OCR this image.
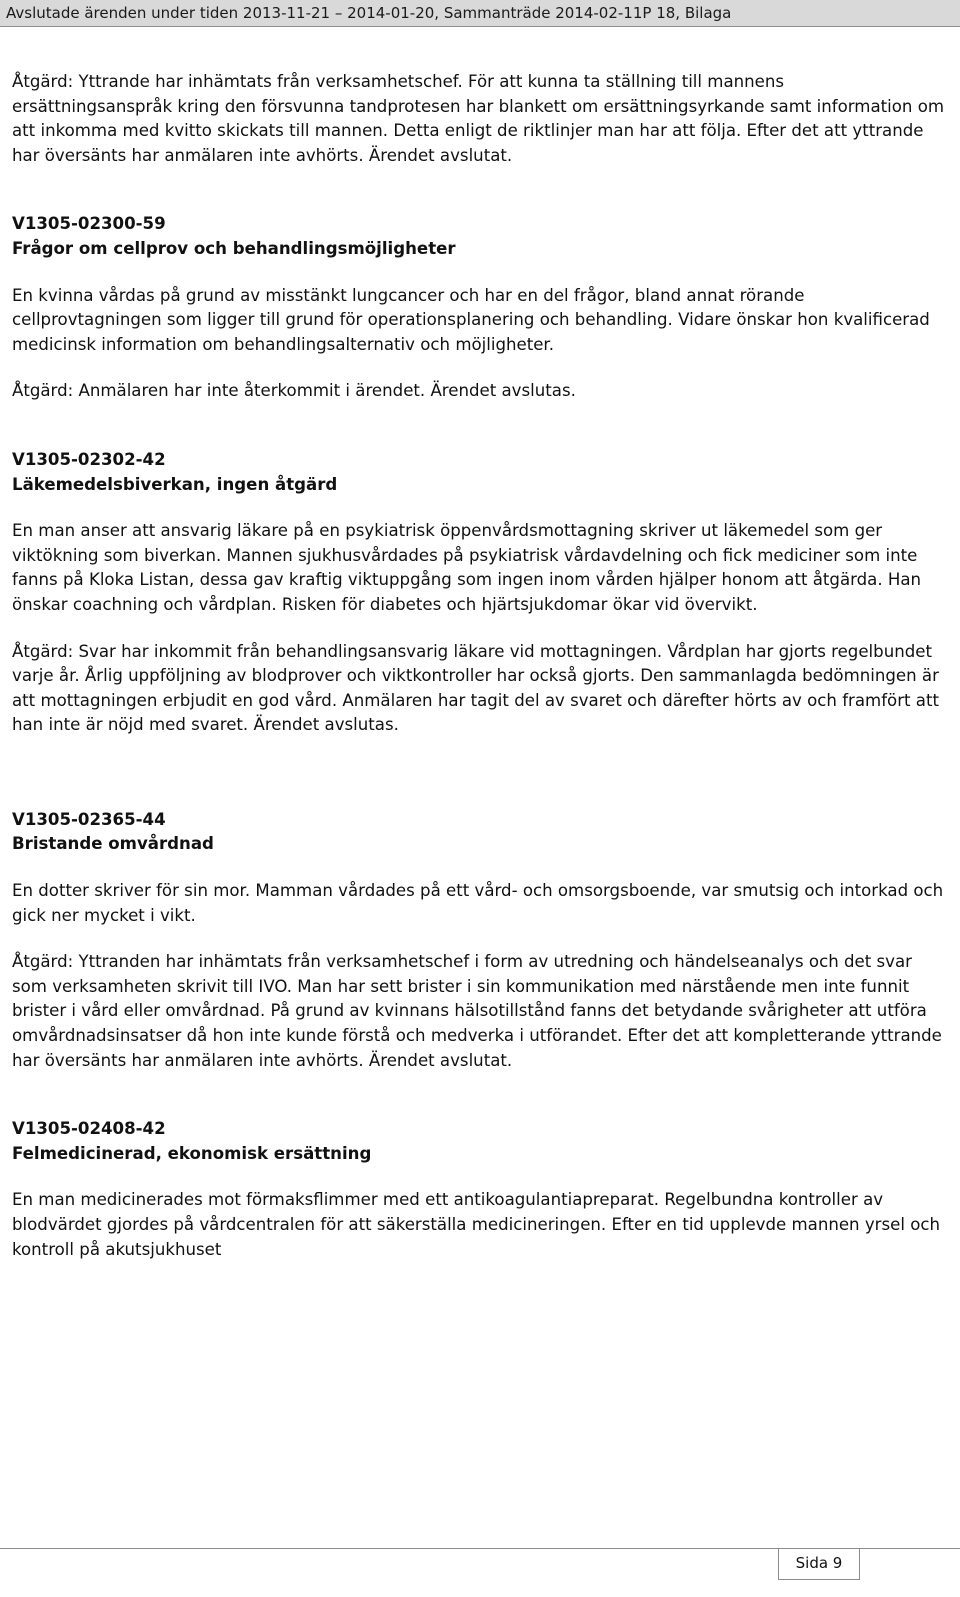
Avslutade ärenden under tiden 2013-11-21 – 2014-01-20, Sammanträde 2014-02-11P 18, Bilaga

Åtgärd: Yttrande har inhämtats från verksamhetschef. För att kunna ta ställning till mannens ersättningsanspråk kring den försvunna tandprotesen har blankett om ersättningsyrkande samt information om att inkomma med kvitto skickats till mannen. Detta enligt de riktlinjer man har att följa. Efter det att yttrande har översänts har anmälaren inte avhörts. Ärendet avslutat.

V1305-02300-59

Frågor om cellprov och behandlingsmöjligheter

En kvinna vårdas på grund av misstänkt lungcancer och har en del frågor, bland annat rörande cellprovtagningen som ligger till grund för operationsplanering och behandling. Vidare önskar hon kvalificerad medicinsk information om behandlingsalternativ och möjligheter.

Åtgärd: Anmälaren har inte återkommit i ärendet. Ärendet avslutas.

V1305-02302-42

Läkemedelsbiverkan, ingen åtgärd

En man anser att ansvarig läkare på en psykiatrisk öppenvårdsmottagning skriver ut läkemedel som ger viktökning som biverkan. Mannen sjukhusvårdades på psykiatrisk vårdavdelning och fick mediciner som inte fanns på Kloka Listan, dessa gav kraftig viktuppgång som ingen inom vården hjälper honom att åtgärda. Han önskar coachning och vårdplan. Risken för diabetes och hjärtsjukdomar ökar vid övervikt.

Åtgärd: Svar har inkommit från behandlingsansvarig läkare vid mottagningen. Vårdplan har gjorts regelbundet varje år. Årlig uppföljning av blodprover och viktkontroller har också gjorts. Den sammanlagda bedömningen är att mottagningen erbjudit en god vård. Anmälaren har tagit del av svaret och därefter hörts av och framfört att han inte är nöjd med svaret. Ärendet avslutas.

V1305-02365-44

Bristande omvårdnad

En dotter skriver för sin mor. Mamman vårdades på ett vård- och omsorgsboende, var smutsig och intorkad och gick ner mycket i vikt.

Åtgärd: Yttranden har inhämtats från verksamhetschef i form av utredning och händelseanalys och det svar som verksamheten skrivit till IVO. Man har sett brister i sin kommunikation med närstående men inte funnit brister i vård eller omvårdnad. På grund av kvinnans hälsotillstånd fanns det betydande svårigheter att utföra omvårdnadsinsatser då hon inte kunde förstå och medverka i utförandet. Efter det att kompletterande yttrande har översänts har anmälaren inte avhörts. Ärendet avslutat.

V1305-02408-42

Felmedicinerad, ekonomisk ersättning

En man medicinerades mot förmaksflimmer med ett antikoagulantiapreparat. Regelbundna kontroller av blodvärdet gjordes på vårdcentralen för att säkerställa medicineringen. Efter en tid upplevde mannen yrsel och kontroll på akutsjukhuset

Sida 9
